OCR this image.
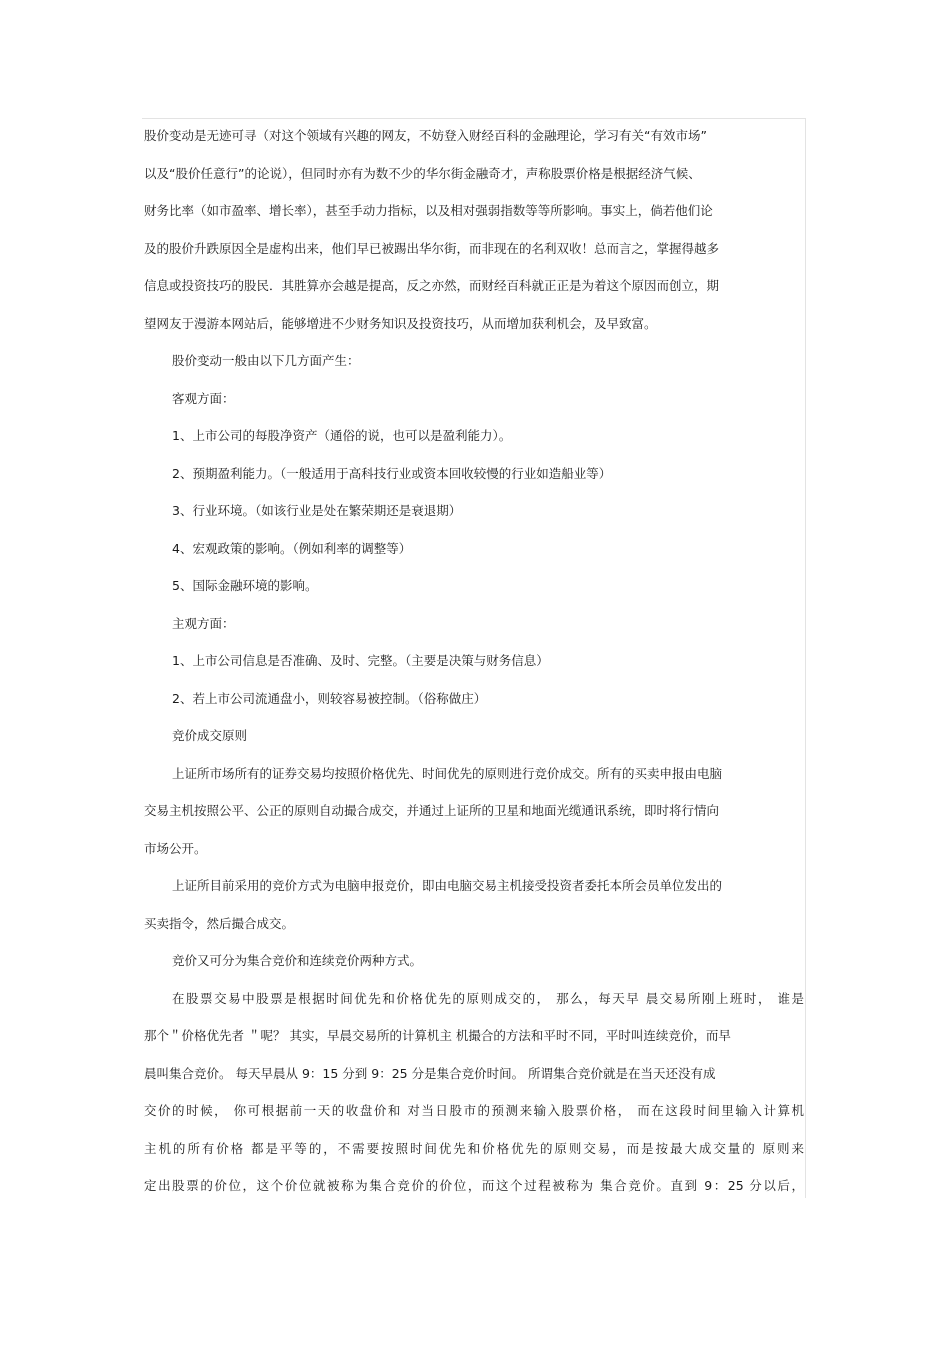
股价变动是无迹可寻（对这个领域有兴趣的网友，不妨登入财经百科的金融理论，学习有关“有效市场”
以及“股价任意行”的论说），但同时亦有为数不少的华尔街金融奇才，声称股票价格是根据经济气候、
财务比率（如市盈率、增长率），甚至手动力指标，以及相对强弱指数等等所影响。事实上，倘若他们论
及的股价升跌原因全是虚构出来，他们早已被踢出华尔街，而非现在的名利双收！总而言之，掌握得越多
信息或投资技巧的股民．其胜算亦会越是提高，反之亦然，而财经百科就正正是为着这个原因而创立，期
望网友于漫游本网站后，能够增进不少财务知识及投资技巧，从而增加获利机会，及早致富。
股价变动一般由以下几方面产生：
客观方面：
1、上市公司的每股净资产（通俗的说，也可以是盈利能力）。
2、预期盈利能力。（一般适用于高科技行业或资本回收较慢的行业如造船业等）
3、行业环境。（如该行业是处在繁荣期还是衰退期）
4、宏观政策的影响。（例如利率的调整等）
5、国际金融环境的影响。
主观方面：
1、上市公司信息是否准确、及时、完整。（主要是决策与财务信息）
2、若上市公司流通盘小，则较容易被控制。（俗称做庄）
竞价成交原则
上证所市场所有的证券交易均按照价格优先、时间优先的原则进行竞价成交。所有的买卖申报由电脑
交易主机按照公平、公正的原则自动撮合成交，并通过上证所的卫星和地面光缆通讯系统，即时将行情向
市场公开。
上证所目前采用的竞价方式为电脑申报竞价，即由电脑交易主机接受投资者委托本所会员单位发出的
买卖指令，然后撮合成交。
竞价又可分为集合竞价和连续竞价两种方式。
在股票交易中股票是根据时间优先和价格优先的原则成交的， 那么，每天早 晨交易所刚上班时， 谁是
那个＂价格优先者 ＂呢？ 其实，早晨交易所的计算机主 机撮合的方法和平时不同，平时叫连续竞价，而早
晨叫集合竞价。 每天早晨从 9：15 分到 9：25 分是集合竞价时间。 所谓集合竞价就是在当天还没有成
交价的时候， 你可根据前一天的收盘价和 对当日股市的预测来输入股票价格， 而在这段时间里输入计算机
主机的所有价格 都是平等的，不需要按照时间优先和价格优先的原则交易，而是按最大成交量的 原则来
定出股票的价位，这个价位就被称为集合竞价的价位，而这个过程被称为 集合竞价。直到 9：25 分以后，
